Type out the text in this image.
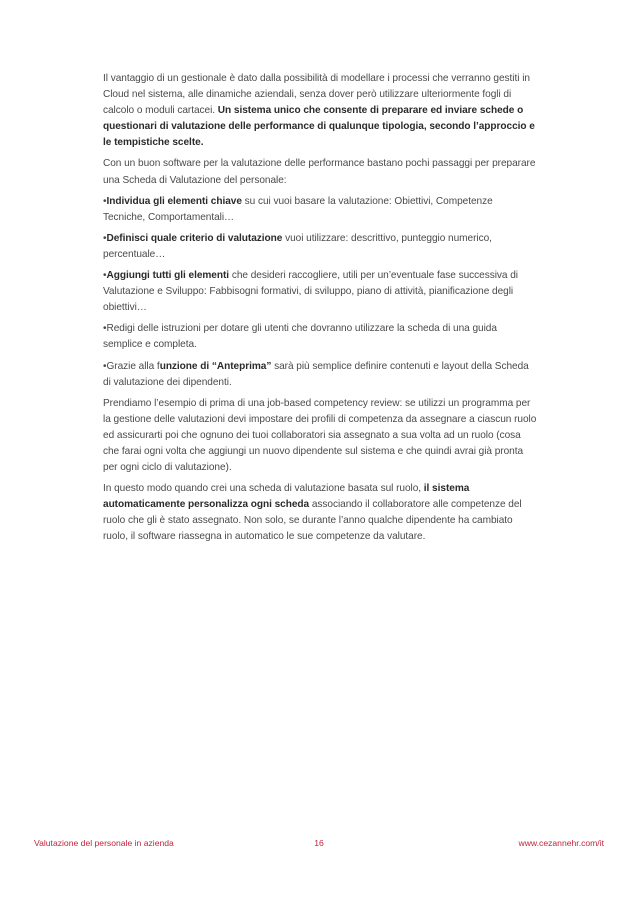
Il vantaggio di un gestionale è dato dalla possibilità di modellare i processi che verranno gestiti in Cloud nel sistema, alle dinamiche aziendali, senza dover però utilizzare ulteriormente fogli di calcolo o moduli cartacei. Un sistema unico che consente di preparare ed inviare schede o questionari di valutazione delle performance di qualunque tipologia, secondo l’approccio e le tempistiche scelte.

Con un buon software per la valutazione delle performance bastano pochi passaggi per preparare una Scheda di Valutazione del personale:

•Individua gli elementi chiave su cui vuoi basare la valutazione: Obiettivi, Competenze Tecniche, Comportamentali…

•Definisci quale criterio di valutazione vuoi utilizzare: descrittivo, punteggio numerico, percentuale…

•Aggiungi tutti gli elementi che desideri raccogliere, utili per un’eventuale fase successiva di Valutazione e Sviluppo: Fabbisogni formativi, di sviluppo, piano di attività, pianificazione degli obiettivi…

•Redigi delle istruzioni per dotare gli utenti che dovranno utilizzare la scheda di una guida semplice e completa.

•Grazie alla funzione di “Anteprima” sarà più semplice definire contenuti e layout della Scheda di valutazione dei dipendenti.

Prendiamo l’esempio di prima di una job-based competency review: se utilizzi un programma per la gestione delle valutazioni devi impostare dei profili di competenza da assegnare a ciascun ruolo ed assicurarti poi che ognuno dei tuoi collaboratori sia assegnato a sua volta ad un ruolo (cosa che farai ogni volta che aggiungi un nuovo dipendente sul sistema e che quindi avrai già pronta per ogni ciclo di valutazione).

In questo modo quando crei una scheda di valutazione basata sul ruolo, il sistema automaticamente personalizza ogni scheda associando il collaboratore alle competenze del ruolo che gli è stato assegnato. Non solo, se durante l’anno qualche dipendente ha cambiato ruolo, il software riassegna in automatico le sue competenze da valutare.

Valutazione del personale in azienda	16	www.cezannehr.com/it
